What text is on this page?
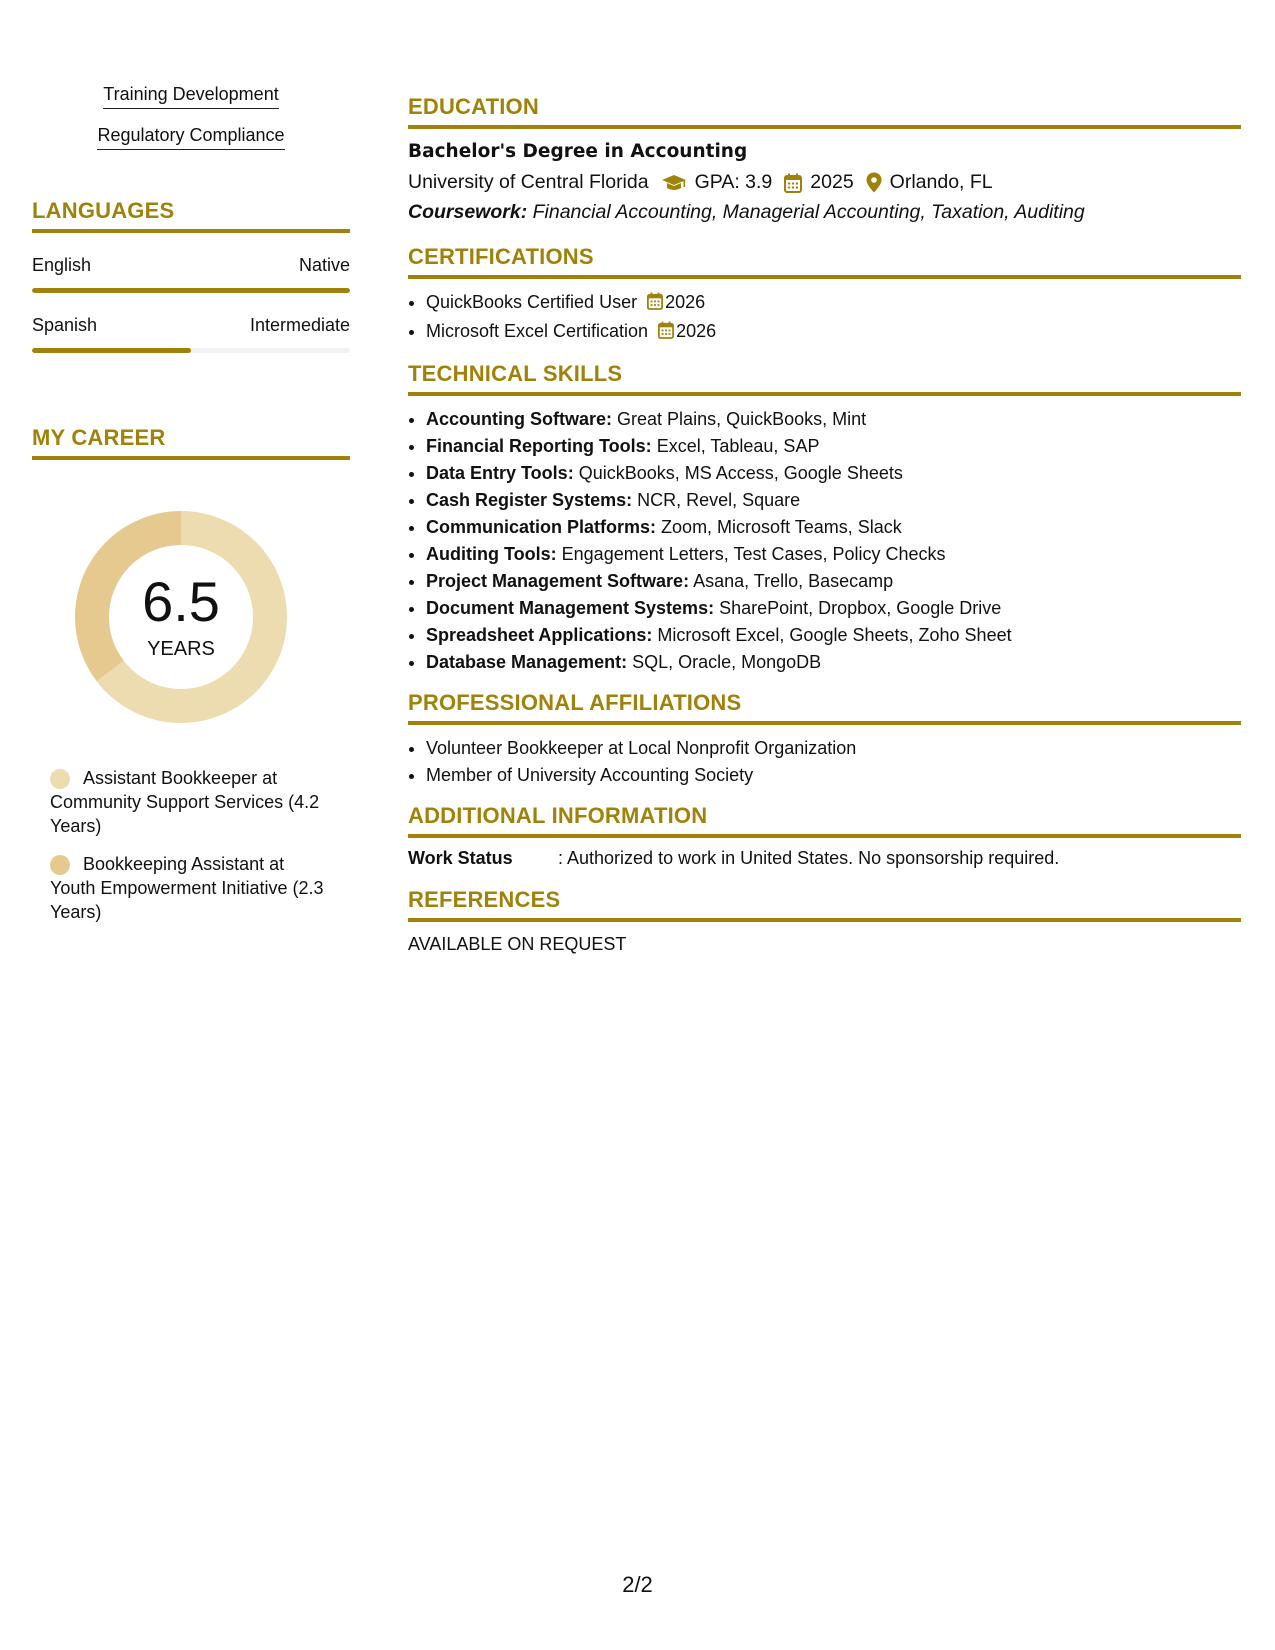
Training Development
Regulatory Compliance
LANGUAGES
English	Native
Spanish	Intermediate
MY CAREER
6.5
YEARS
Assistant Bookkeeper at Community Support Services (4.2 Years)
Bookkeeping Assistant at Youth Empowerment Initiative (2.3 Years)
EDUCATION
Bachelor's Degree in Accounting
University of Central Florida GPA: 3.9 2025 Orlando, FL
Coursework: Financial Accounting, Managerial Accounting, Taxation, Auditing
CERTIFICATIONS
• QuickBooks Certified User 2026
• Microsoft Excel Certification 2026
TECHNICAL SKILLS
• Accounting Software: Great Plains, QuickBooks, Mint
• Financial Reporting Tools: Excel, Tableau, SAP
• Data Entry Tools: QuickBooks, MS Access, Google Sheets
• Cash Register Systems: NCR, Revel, Square
• Communication Platforms: Zoom, Microsoft Teams, Slack
• Auditing Tools: Engagement Letters, Test Cases, Policy Checks
• Project Management Software: Asana, Trello, Basecamp
• Document Management Systems: SharePoint, Dropbox, Google Drive
• Spreadsheet Applications: Microsoft Excel, Google Sheets, Zoho Sheet
• Database Management: SQL, Oracle, MongoDB
PROFESSIONAL AFFILIATIONS
• Volunteer Bookkeeper at Local Nonprofit Organization
• Member of University Accounting Society
ADDITIONAL INFORMATION
Work Status	: Authorized to work in United States. No sponsorship required.
REFERENCES
AVAILABLE ON REQUEST
2/2
